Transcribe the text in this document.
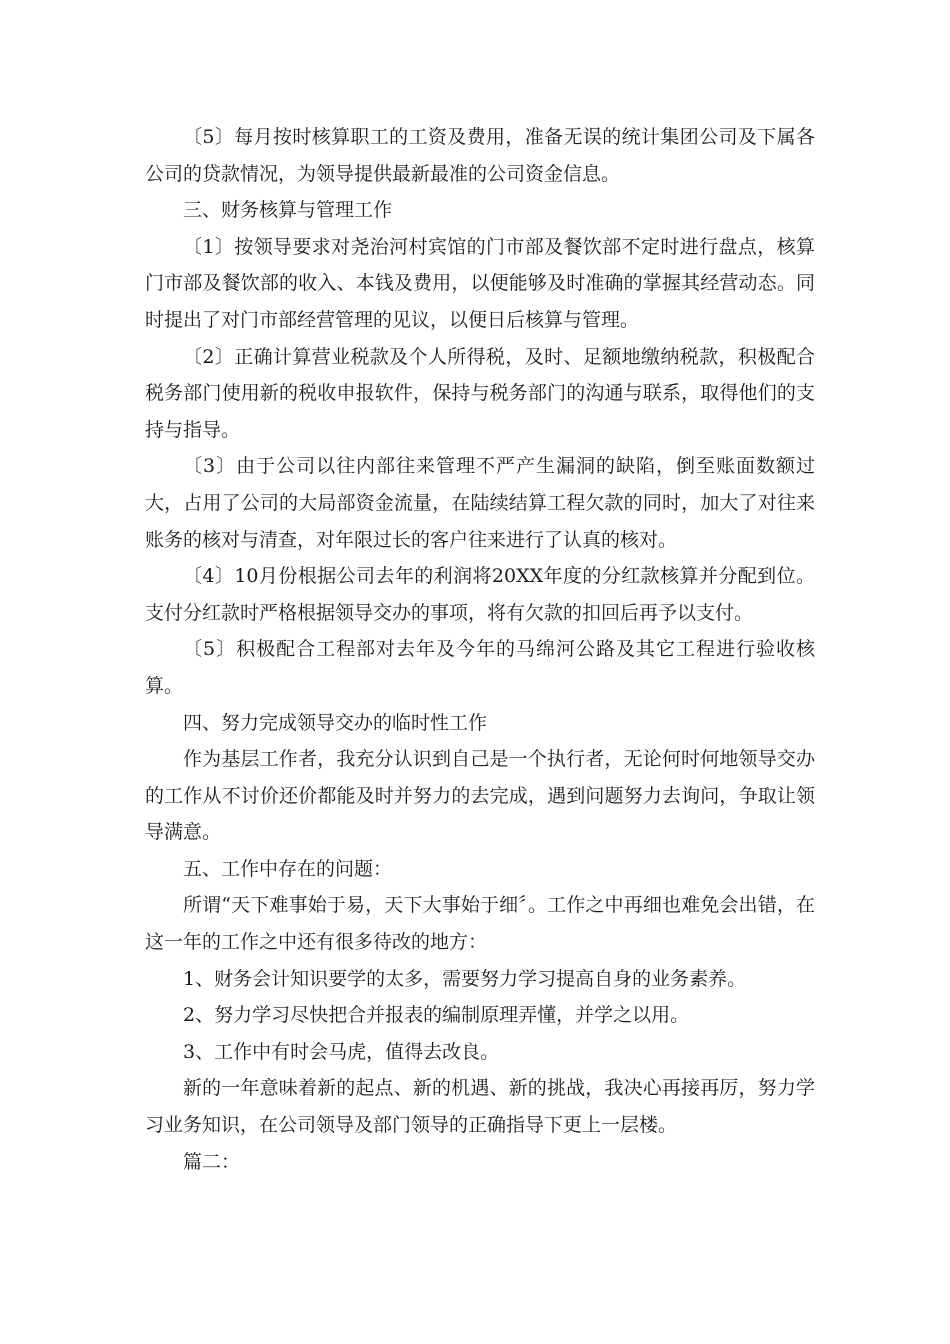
〔5〕每月按时核算职工的工资及费用，准备无误的统计集团公司及下属各公司的贷款情况，为领导提供最新最准的公司资金信息。

三、财务核算与管理工作

〔1〕按领导要求对尧治河村宾馆的门市部及餐饮部不定时进行盘点，核算门市部及餐饮部的收入、本钱及费用，以便能够及时准确的掌握其经营动态。同时提出了对门市部经营管理的见议，以便日后核算与管理。

〔2〕正确计算营业税款及个人所得税，及时、足额地缴纳税款，积极配合税务部门使用新的税收申报软件，保持与税务部门的沟通与联系，取得他们的支持与指导。

〔3〕由于公司以往内部往来管理不严产生漏洞的缺陷，倒至账面数额过大，占用了公司的大局部资金流量，在陆续结算工程欠款的同时，加大了对往来账务的核对与清查，对年限过长的客户往来进行了认真的核对。

〔4〕10月份根据公司去年的利润将20XX年度的分红款核算并分配到位。支付分红款时严格根据领导交办的事项，将有欠款的扣回后再予以支付。

〔5〕积极配合工程部对去年及今年的马绵河公路及其它工程进行验收核算。

四、努力完成领导交办的临时性工作

作为基层工作者，我充分认识到自己是一个执行者，无论何时何地领导交办的工作从不讨价还价都能及时并努力的去完成，遇到问题努力去询问，争取让领导满意。

五、工作中存在的问题：

所谓“天下难事始于易，天下大事始于细〞。工作之中再细也难免会出错，在这一年的工作之中还有很多待改的地方：

1、财务会计知识要学的太多，需要努力学习提高自身的业务素养。

2、努力学习尽快把合并报表的编制原理弄懂，并学之以用。

3、工作中有时会马虎，值得去改良。

新的一年意味着新的起点、新的机遇、新的挑战，我决心再接再厉，努力学习业务知识，在公司领导及部门领导的正确指导下更上一层楼。

篇二：
